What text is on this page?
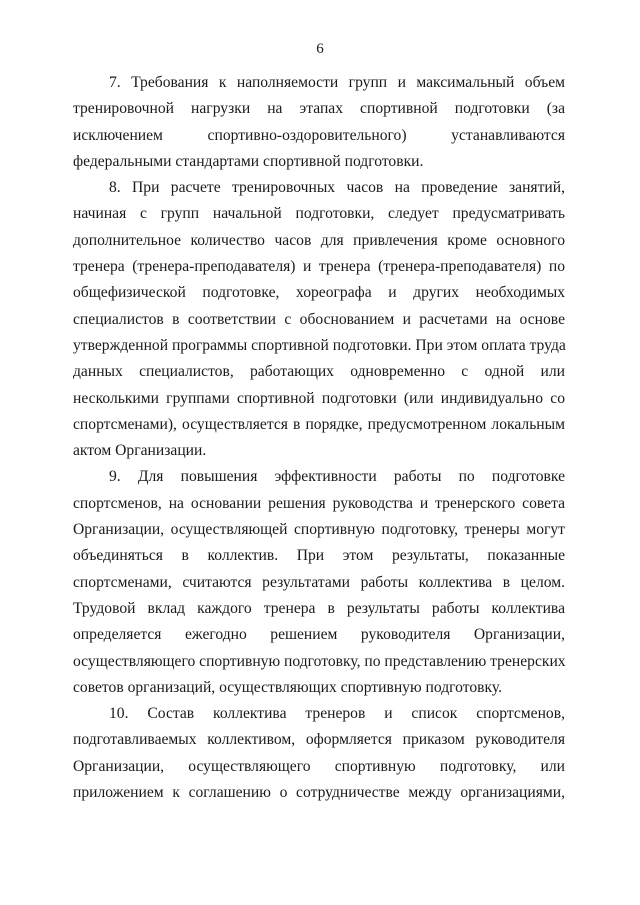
6

7. Требования к наполняемости групп и максимальный объем
тренировочной нагрузки на этапах спортивной подготовки (за
исключением спортивно-оздоровительного) устанавливаются
федеральными стандартами спортивной подготовки.

8. При расчете тренировочных часов на проведение занятий,
начиная с групп начальной подготовки, следует предусматривать
дополнительное количество часов для привлечения кроме основного
тренера (тренера-преподавателя) и тренера (тренера-преподавателя) по
общефизической подготовке, хореографа и других необходимых
специалистов в соответствии с обоснованием и расчетами на основе
утвержденной программы спортивной подготовки. При этом оплата труда
данных специалистов, работающих одновременно с одной или
несколькими группами спортивной подготовки (или индивидуально со
спортсменами), осуществляется в порядке, предусмотренном локальным
актом Организации.

9. Для повышения эффективности работы по подготовке
спортсменов, на основании решения руководства и тренерского совета
Организации, осуществляющей спортивную подготовку, тренеры могут
объединяться в коллектив. При этом результаты, показанные
спортсменами, считаются результатами работы коллектива в целом.
Трудовой вклад каждого тренера в результаты работы коллектива
определяется ежегодно решением руководителя Организации,
осуществляющего спортивную подготовку, по представлению тренерских
советов организаций, осуществляющих спортивную подготовку.

10. Состав коллектива тренеров и список спортсменов,
подготавливаемых коллективом, оформляется приказом руководителя
Организации, осуществляющего спортивную подготовку, или
приложением к соглашению о сотрудничестве между организациями,
